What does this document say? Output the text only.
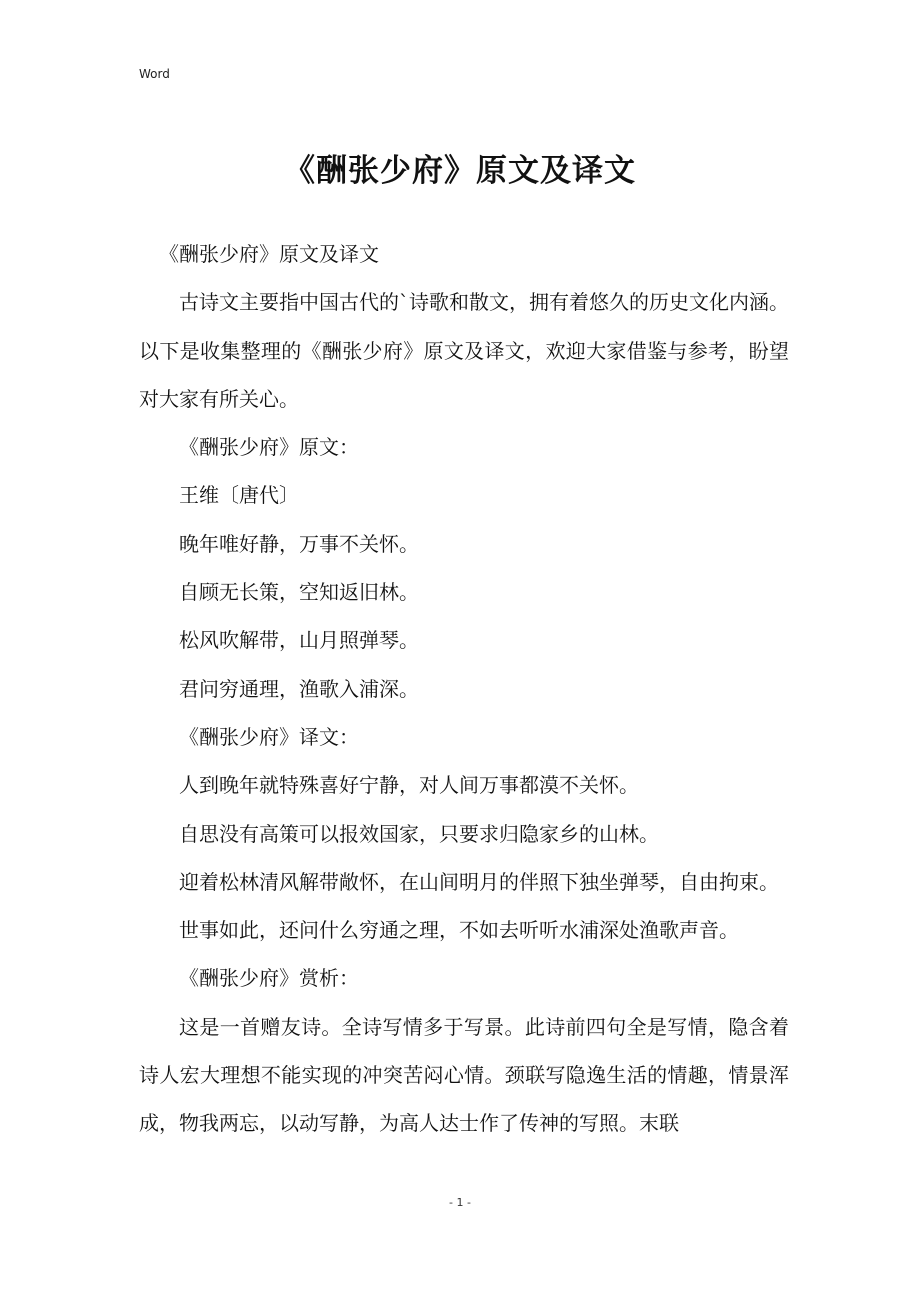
Word
《酬张少府》原文及译文

《酬张少府》原文及译文

古诗文主要指中国古代的`诗歌和散文，拥有着悠久的历史文化内涵。以下是收集整理的《酬张少府》原文及译文，欢迎大家借鉴与参考，盼望对大家有所关心。

《酬张少府》原文：

王维〔唐代〕

晚年唯好静，万事不关怀。

自顾无长策，空知返旧林。

松风吹解带，山月照弹琴。

君问穷通理，渔歌入浦深。

《酬张少府》译文：

人到晚年就特殊喜好宁静，对人间万事都漠不关怀。

自思没有高策可以报效国家，只要求归隐家乡的山林。

迎着松林清风解带敞怀，在山间明月的伴照下独坐弹琴，自由拘束。

世事如此，还问什么穷通之理，不如去听听水浦深处渔歌声音。

《酬张少府》赏析：

这是一首赠友诗。全诗写情多于写景。此诗前四句全是写情，隐含着诗人宏大理想不能实现的冲突苦闷心情。颈联写隐逸生活的情趣，情景浑成，物我两忘，以动写静，为高人达士作了传神的写照。末联

- 1 -
